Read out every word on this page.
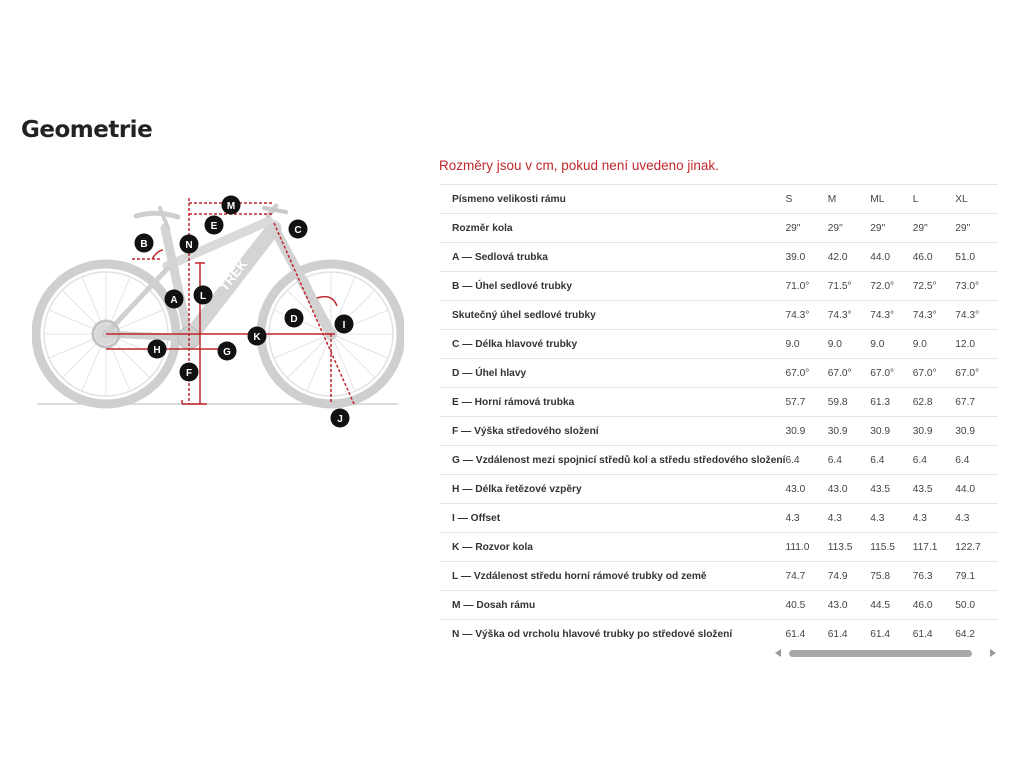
Geometrie
TREK
M
E	C
B	N
L
A
D
I
K
H	G
F
J

Rozměry jsou v cm, pokud není uvedeno jinak.

Písmeno velikosti rámu	S	M	ML	L	XL
Rozměr kola	29"	29"	29"	29"	29"
A — Sedlová trubka	39.0	42.0	44.0	46.0	51.0
B — Úhel sedlové trubky	71.0°	71.5°	72.0°	72.5°	73.0°
Skutečný úhel sedlové trubky	74.3°	74.3°	74.3°	74.3°	74.3°
C — Délka hlavové trubky	9.0	9.0	9.0	9.0	12.0
D — Úhel hlavy	67.0°	67.0°	67.0°	67.0°	67.0°
E — Horní rámová trubka	57.7	59.8	61.3	62.8	67.7
F — Výška středového složení	30.9	30.9	30.9	30.9	30.9
G — Vzdálenost mezi spojnicí středů kol a středu středového složení	6.4	6.4	6.4	6.4	6.4
H — Délka řetězové vzpěry	43.0	43.0	43.5	43.5	44.0
I — Offset	4.3	4.3	4.3	4.3	4.3
K — Rozvor kola	111.0	113.5	115.5	117.1	122.7
L — Vzdálenost středu horní rámové trubky od země	74.7	74.9	75.8	76.3	79.1
M — Dosah rámu	40.5	43.0	44.5	46.0	50.0
N — Výška od vrcholu hlavové trubky po středové složení	61.4	61.4	61.4	61.4	64.2
